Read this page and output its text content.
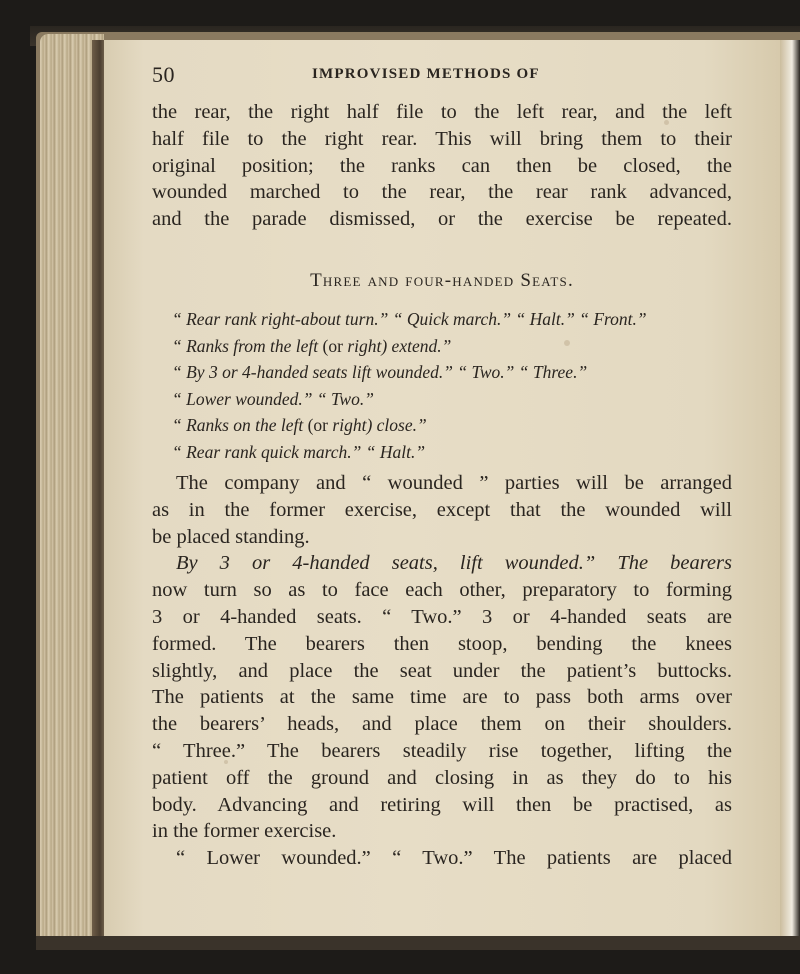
50	IMPROVISED METHODS OF
the rear, the right half file to the left rear, and the left
half file to the right rear. This will bring them to their
original position; the ranks can then be closed, the
wounded marched to the rear, the rear rank advanced,
and the parade dismissed, or the exercise be repeated.
Three and four-handed Seats.
“ Rear rank right-about turn.” “ Quick march.” “ Halt.” “ Front.”
“ Ranks from the left (or right) extend.”
“ By 3 or 4-handed seats lift wounded.” “ Two.” “ Three.”
“ Lower wounded.” “ Two.”
“ Ranks on the left (or right) close.”
“ Rear rank quick march.” “ Halt.”
The company and “ wounded ” parties will be arranged
as in the former exercise, except that the wounded will
be placed standing.
By 3 or 4-handed seats, lift wounded.” The bearers
now turn so as to face each other, preparatory to forming
3 or 4-handed seats. “ Two.” 3 or 4-handed seats are
formed. The bearers then stoop, bending the knees
slightly, and place the seat under the patient’s buttocks.
The patients at the same time are to pass both arms over
the bearers’ heads, and place them on their shoulders.
“ Three.” The bearers steadily rise together, lifting the
patient off the ground and closing in as they do to his
body. Advancing and retiring will then be practised, as
in the former exercise.
“ Lower wounded.” “ Two.” The patients are placed
